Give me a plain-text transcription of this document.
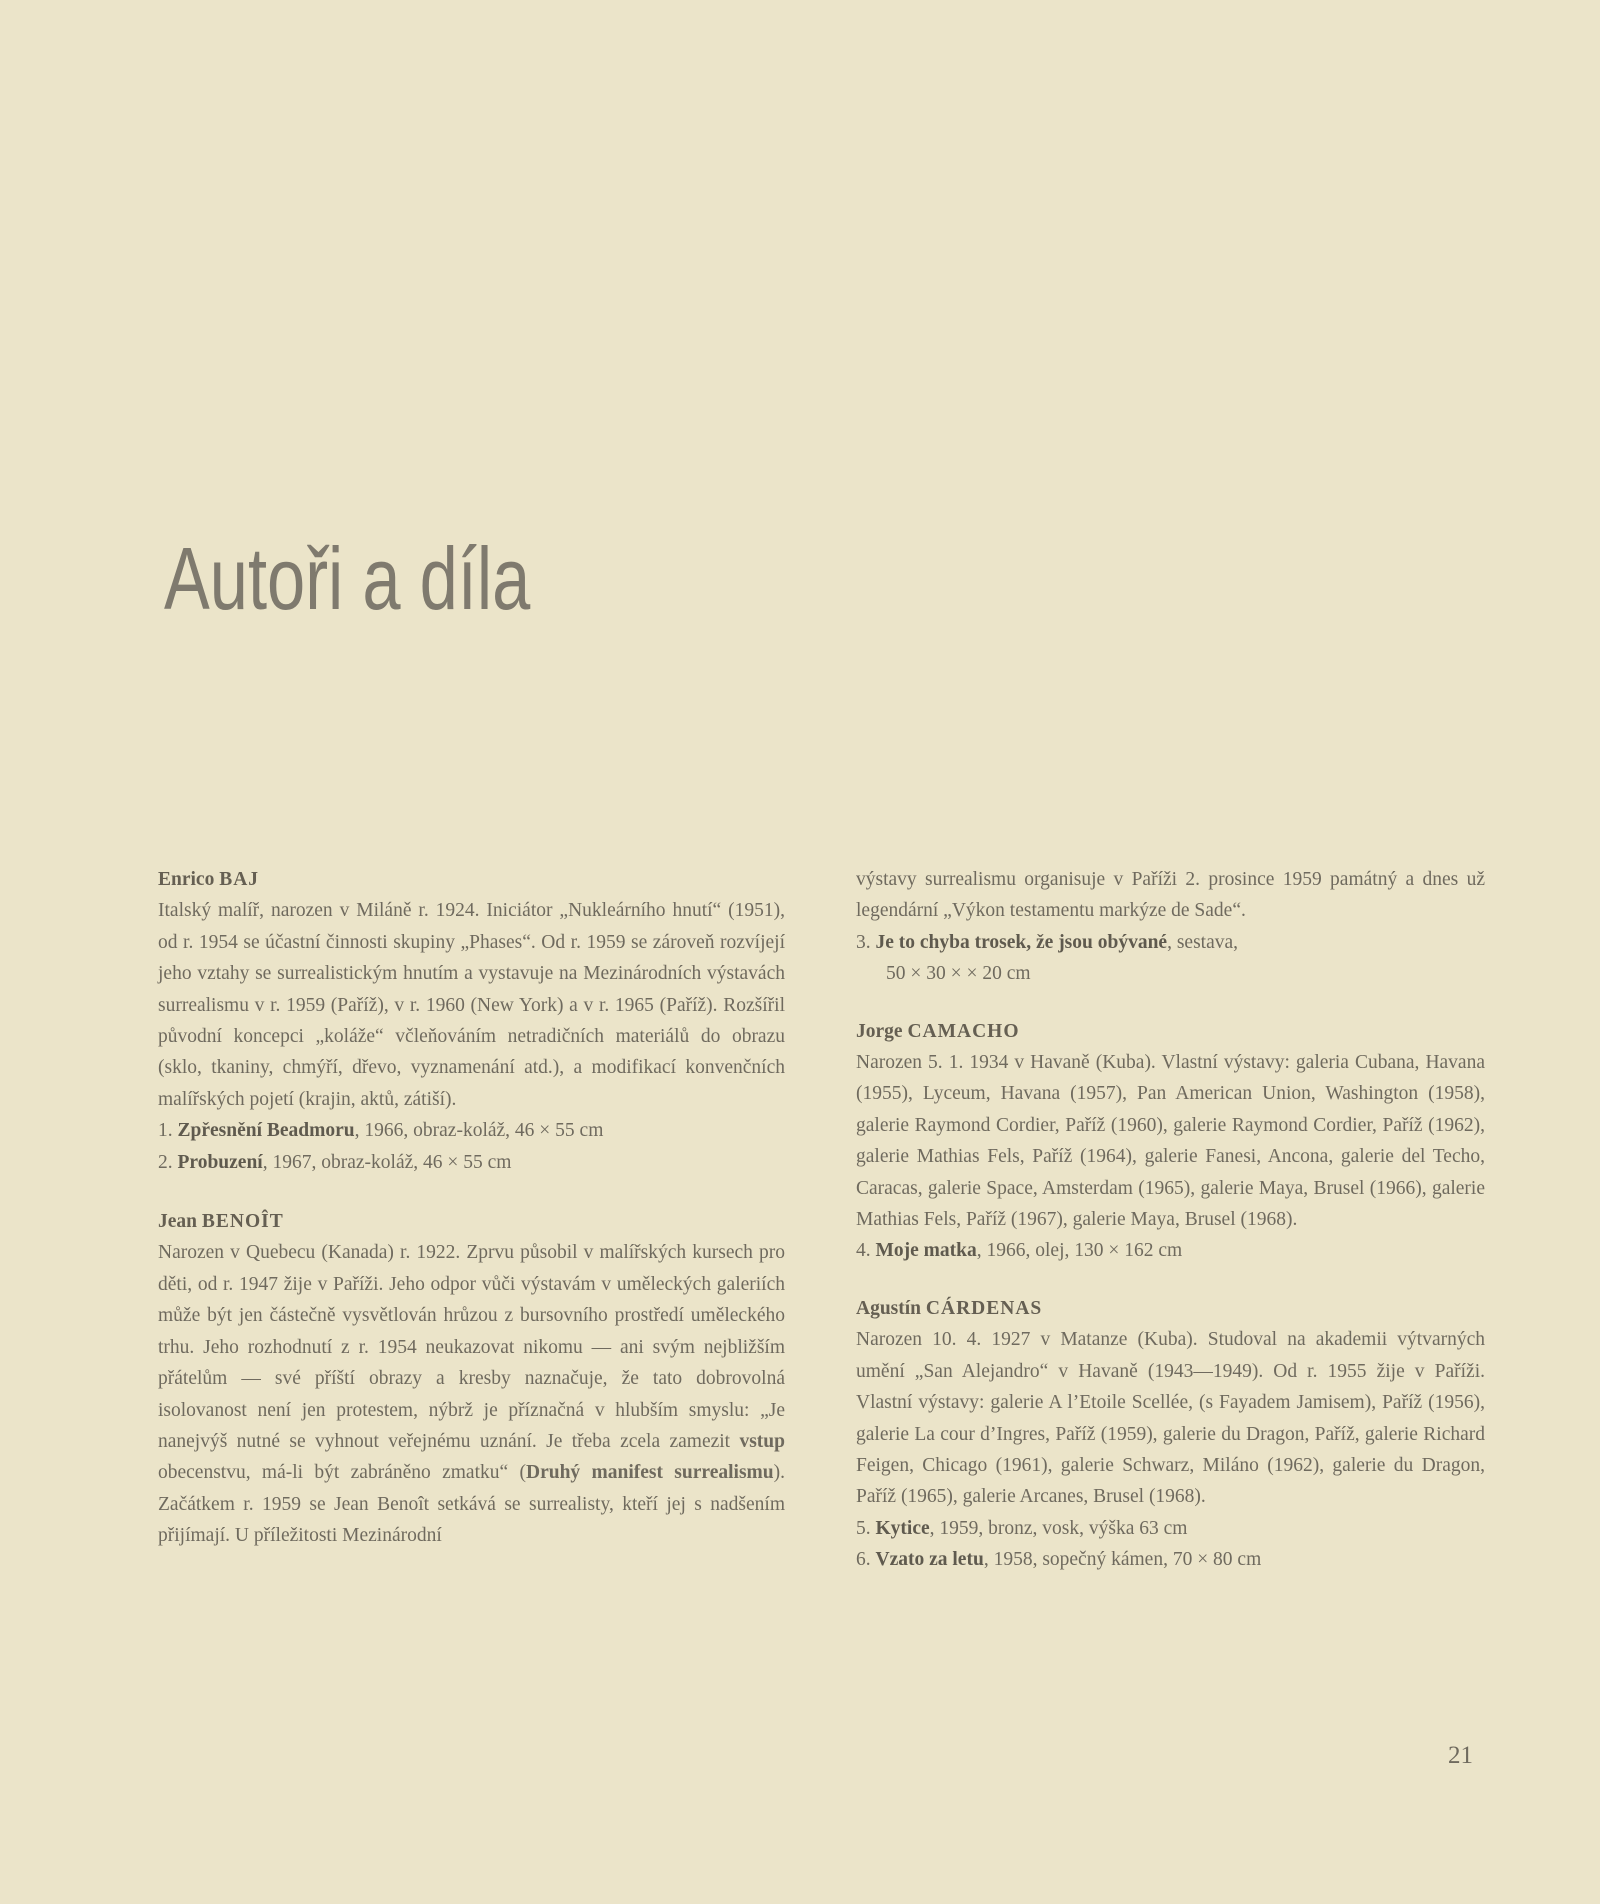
Autoři a díla

Enrico BAJ

Italský malíř, narozen v Miláně r. 1924. Iniciátor „Nukleárního hnutí“ (1951), od r. 1954 se účastní činnosti skupiny „Phases“. Od r. 1959 se zároveň rozvíjejí jeho vztahy se surrealistickým hnutím a vystavuje na Mezinárodních výstavách surrealismu v r. 1959 (Paříž), v r. 1960 (New York) a v r. 1965 (Paříž). Rozšířil původní koncepci „koláže“ včleňováním netradičních materiálů do obrazu (sklo, tkaniny, chmýří, dřevo, vyznamenání atd.), a modifikací konvenčních malířských pojetí (krajin, aktů, zátiší).

1. Zpřesnění Beadmoru, 1966, obraz-koláž, 46 × 55 cm

2. Probuzení, 1967, obraz-koláž, 46 × 55 cm

Jean BENOÎT

Narozen v Quebecu (Kanada) r. 1922. Zprvu působil v malířských kursech pro děti, od r. 1947 žije v Paříži. Jeho odpor vůči výstavám v uměleckých galeriích může být jen částečně vysvětlován hrůzou z bursovního prostředí uměleckého trhu. Jeho rozhodnutí z r. 1954 neukazovat nikomu — ani svým nejbližším přátelům — své příští obrazy a kresby naznačuje, že tato dobrovolná isolovanost není jen protestem, nýbrž je příznačná v hlubším smyslu: „Je nanejvýš nutné se vyhnout veřejnému uznání. Je třeba zcela zamezit vstup obecenstvu, má-li být zabráněno zmatku“ (Druhý manifest surrealismu). Začátkem r. 1959 se Jean Benoît setkává se surrealisty, kteří jej s nadšením přijímají. U příležitosti Mezinárodní

výstavy surrealismu organisuje v Paříži 2. prosince 1959 památný a dnes už legendární „Výkon testamentu markýze de Sade“.

3. Je to chyba trosek, že jsou obývané, sestava,

50 × 30 × × 20 cm

Jorge CAMACHO

Narozen 5. 1. 1934 v Havaně (Kuba). Vlastní výstavy: galeria Cubana, Havana (1955), Lyceum, Havana (1957), Pan American Union, Washington (1958), galerie Raymond Cordier, Paříž (1960), galerie Raymond Cordier, Paříž (1962), galerie Mathias Fels, Paříž (1964), galerie Fanesi, Ancona, galerie del Techo, Caracas, galerie Space, Amsterdam (1965), galerie Maya, Brusel (1966), galerie Mathias Fels, Paříž (1967), galerie Maya, Brusel (1968).

4. Moje matka, 1966, olej, 130 × 162 cm

Agustín CÁRDENAS

Narozen 10. 4. 1927 v Matanze (Kuba). Studoval na akademii výtvarných umění „San Alejandro“ v Havaně (1943—1949). Od r. 1955 žije v Paříži. Vlastní výstavy: galerie A l’Etoile Scellée, (s Fayadem Jamisem), Paříž (1956), galerie La cour d’Ingres, Paříž (1959), galerie du Dragon, Paříž, galerie Richard Feigen, Chicago (1961), galerie Schwarz, Miláno (1962), galerie du Dragon, Paříž (1965), galerie Arcanes, Brusel (1968).

5. Kytice, 1959, bronz, vosk, výška 63 cm

6. Vzato za letu, 1958, sopečný kámen, 70 × 80 cm

21
